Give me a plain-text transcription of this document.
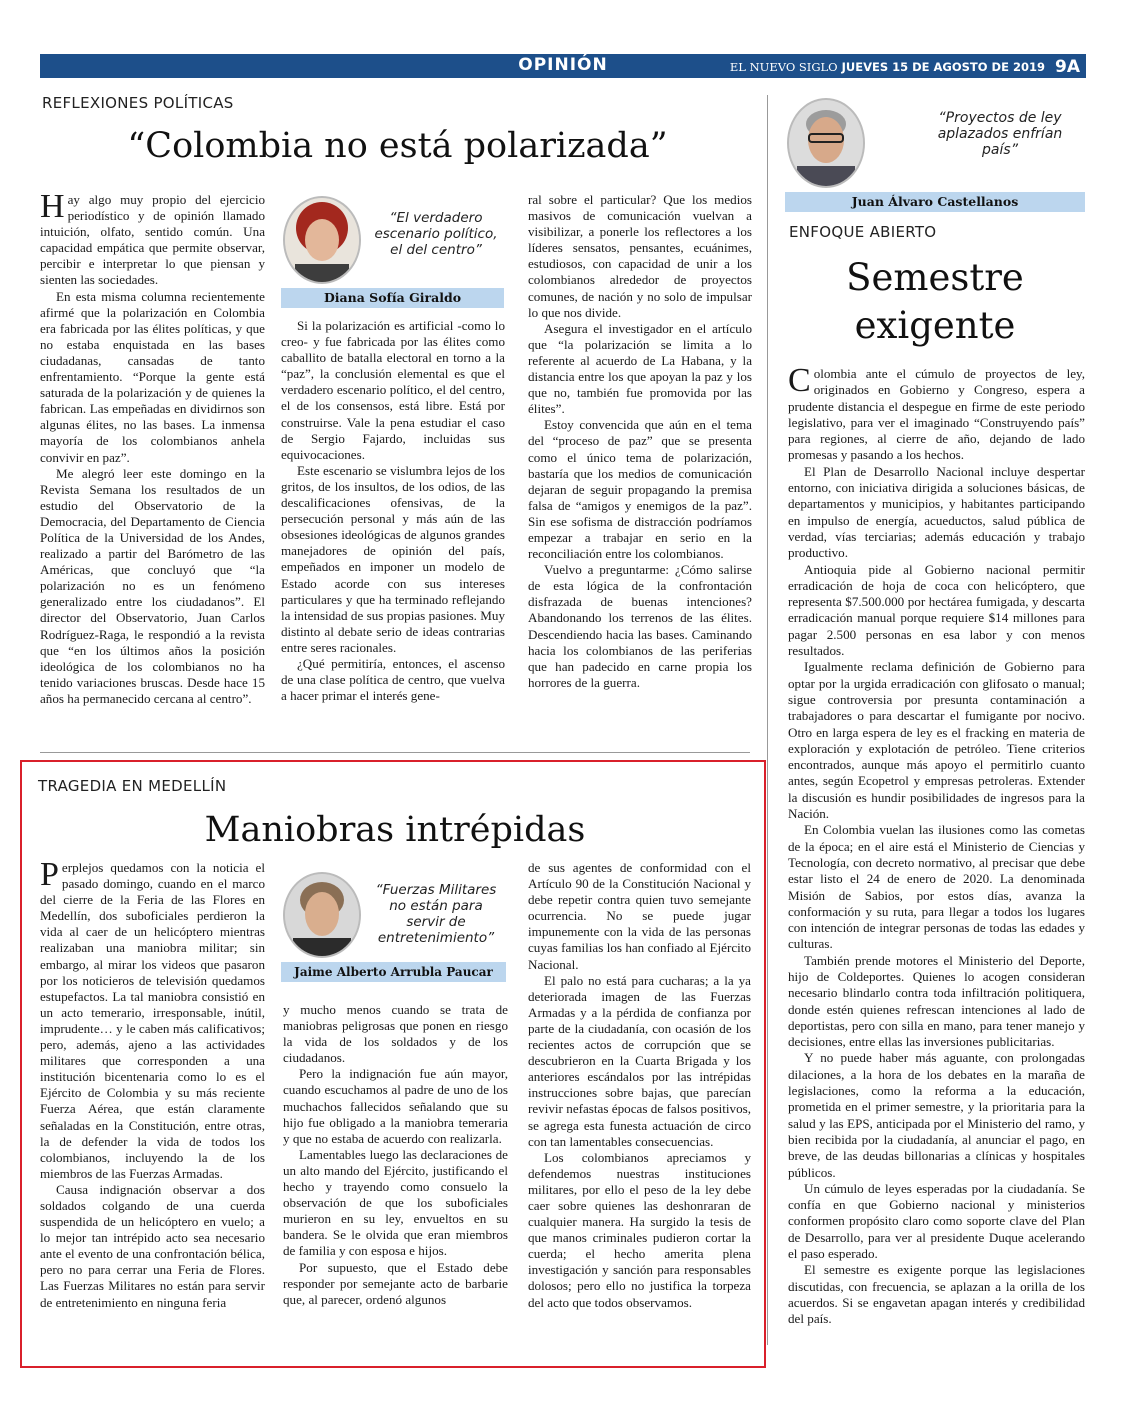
OPINIÓN	EL NUEVO SIGLO JUEVES 15 DE AGOSTO DE 2019 9A
REFLEXIONES POLÍTICAS
“Colombia no está polarizada”

Hay algo muy propio del ejercicio periodístico y de opinión llamado intuición, olfato, sentido común. Una capacidad empática que permite observar, percibir e interpretar lo que piensan y sienten las sociedades.

En esta misma columna recientemente afirmé que la polarización en Colombia era fabricada por las élites políticas, y que no estaba enquistada en las bases ciudadanas, cansadas de tanto enfrentamiento. “Porque la gente está saturada de la polarización y de quienes la fabrican. Las empeñadas en dividirnos son algunas élites, no las bases. La inmensa mayoría de los colombianos anhela convivir en paz”.

Me alegró leer este domingo en la Revista Semana los resultados de un estudio del Observatorio de la Democracia, del Departamento de Ciencia Política de la Universidad de los Andes, realizado a partir del Barómetro de las Américas, que concluyó que “la polarización no es un fenómeno generalizado entre los ciudadanos”. El director del Observatorio, Juan Carlos Rodríguez-Raga, le respondió a la revista que “en los últimos años la posición ideológica de los colombianos no ha tenido variaciones bruscas. Desde hace 15 años ha permanecido cercana al centro”.

“El verdadero escenario político, el del centro”
Diana Sofía Giraldo

Si la polarización es artificial -como lo creo- y fue fabricada por las élites como caballito de batalla electoral en torno a la “paz”, la conclusión elemental es que el verdadero escenario político, el del centro, el de los consensos, está libre. Está por construirse. Vale la pena estudiar el caso de Sergio Fajardo, incluidas sus equivocaciones.

Este escenario se vislumbra lejos de los gritos, de los insultos, de los odios, de las descalificaciones ofensivas, de la persecución personal y más aún de las obsesiones ideológicas de algunos grandes manejadores de opinión del país, empeñados en imponer un modelo de Estado acorde con sus intereses particulares y que ha terminado reflejando la intensidad de sus propias pasiones. Muy distinto al debate serio de ideas contrarias entre seres racionales.

¿Qué permitiría, entonces, el ascenso de una clase política de centro, que vuelva a hacer primar el interés gene-

ral sobre el particular? Que los medios masivos de comunicación vuelvan a visibilizar, a ponerle los reflectores a los líderes sensatos, pensantes, ecuánimes, estudiosos, con capacidad de unir a los colombianos alrededor de proyectos comunes, de nación y no solo de impulsar lo que nos divide.

Asegura el investigador en el artículo que “la polarización se limita a lo referente al acuerdo de La Habana, y la distancia entre los que apoyan la paz y los que no, también fue promovida por las élites”.

Estoy convencida que aún en el tema del “proceso de paz” que se presenta como el único tema de polarización, bastaría que los medios de comunicación dejaran de seguir propagando la premisa falsa de “amigos y enemigos de la paz”. Sin ese sofisma de distracción podríamos empezar a trabajar en serio en la reconciliación entre los colombianos.

Vuelvo a preguntarme: ¿Cómo salirse de esta lógica de la confrontación disfrazada de buenas intenciones? Abandonando los terrenos de las élites. Descendiendo hacia las bases. Caminando hacia los colombianos de las periferias que han padecido en carne propia los horrores de la guerra.

TRAGEDIA EN MEDELLÍN
Maniobras intrépidas

Perplejos quedamos con la noticia el pasado domingo, cuando en el marco del cierre de la Feria de las Flores en Medellín, dos suboficiales perdieron la vida al caer de un helicóptero mientras realizaban una maniobra militar; sin embargo, al mirar los videos que pasaron por los noticieros de televisión quedamos estupefactos. La tal maniobra consistió en un acto temerario, irresponsable, inútil, imprudente… y le caben más calificativos; pero, además, ajeno a las actividades militares que corresponden a una institución bicentenaria como lo es el Ejército de Colombia y su más reciente Fuerza Aérea, que están claramente señaladas en la Constitución, entre otras, la de defender la vida de todos los colombianos, incluyendo la de los miembros de las Fuerzas Armadas.

Causa indignación observar a dos soldados colgando de una cuerda suspendida de un helicóptero en vuelo; a lo mejor tan intrépido acto sea necesario ante el evento de una confrontación bélica, pero no para cerrar una Feria de Flores. Las Fuerzas Militares no están para servir de entretenimiento en ninguna feria

“Fuerzas Militares no están para servir de entretenimiento”
Jaime Alberto Arrubla Paucar

y mucho menos cuando se trata de maniobras peligrosas que ponen en riesgo la vida de los soldados y de los ciudadanos.

Pero la indignación fue aún mayor, cuando escuchamos al padre de uno de los muchachos fallecidos señalando que su hijo fue obligado a la maniobra temeraria y que no estaba de acuerdo con realizarla.

Lamentables luego las declaraciones de un alto mando del Ejército, justificando el hecho y trayendo como consuelo la observación de que los suboficiales murieron en su ley, envueltos en su bandera. Se le olvida que eran miembros de familia y con esposa e hijos.

Por supuesto, que el Estado debe responder por semejante acto de barbarie que, al parecer, ordenó algunos

de sus agentes de conformidad con el Artículo 90 de la Constitución Nacional y debe repetir contra quien tuvo semejante ocurrencia. No se puede jugar impunemente con la vida de las personas cuyas familias los han confiado al Ejército Nacional.

El palo no está para cucharas; a la ya deteriorada imagen de las Fuerzas Armadas y a la pérdida de confianza por parte de la ciudadanía, con ocasión de los recientes actos de corrupción que se descubrieron en la Cuarta Brigada y los anteriores escándalos por las intrépidas instrucciones sobre bajas, que parecían revivir nefastas épocas de falsos positivos, se agrega esta funesta actuación de circo con tan lamentables consecuencias.

Los colombianos apreciamos y defendemos nuestras instituciones militares, por ello el peso de la ley debe caer sobre quienes las deshonraran de cualquier manera. Ha surgido la tesis de que manos criminales pudieron cortar la cuerda; el hecho amerita plena investigación y sanción para responsables dolosos; pero ello no justifica la torpeza del acto que todos observamos.

“Proyectos de ley aplazados enfrían país”
Juan Álvaro Castellanos
ENFOQUE ABIERTO
Semestre
exigente

Colombia ante el cúmulo de proyectos de ley, originados en Gobierno y Congreso, espera a prudente distancia el despegue en firme de este periodo legislativo, para ver el imaginado “Construyendo país” para regiones, al cierre de año, dejando de lado promesas y pasando a los hechos.

El Plan de Desarrollo Nacional incluye despertar entorno, con iniciativa dirigida a soluciones básicas, de departamentos y municipios, y habitantes participando en impulso de energía, acueductos, salud pública de verdad, vías terciarias; además educación y trabajo productivo.

Antioquia pide al Gobierno nacional permitir erradicación de hoja de coca con helicóptero, que representa $7.500.000 por hectárea fumigada, y descarta erradicación manual porque requiere $14 millones para pagar 2.500 personas en esa labor y con menos resultados.

Igualmente reclama definición de Gobierno para optar por la urgida erradicación con glifosato o manual; sigue controversia por presunta contaminación a trabajadores o para descartar el fumigante por nocivo. Otro en larga espera de ley es el fracking en materia de exploración y explotación de petróleo. Tiene criterios encontrados, aunque más apoyo el permitirlo cuanto antes, según Ecopetrol y empresas petroleras. Extender la discusión es hundir posibilidades de ingresos para la Nación.

En Colombia vuelan las ilusiones como las cometas de la época; en el aire está el Ministerio de Ciencias y Tecnología, con decreto normativo, al precisar que debe estar listo el 24 de enero de 2020. La denominada Misión de Sabios, por estos días, avanza la conformación y su ruta, para llegar a todos los lugares con intención de integrar personas de todas las edades y culturas.

También prende motores el Ministerio del Deporte, hijo de Coldeportes. Quienes lo acogen consideran necesario blindarlo contra toda infiltración politiquera, donde estén quienes refrescan intenciones al lado de deportistas, pero con silla en mano, para tener manejo y decisiones, entre ellas las inversiones publicitarias.

Y no puede haber más aguante, con prolongadas dilaciones, a la hora de los debates en la maraña de legislaciones, como la reforma a la educación, prometida en el primer semestre, y la prioritaria para la salud y las EPS, anticipada por el Ministerio del ramo, y bien recibida por la ciudadanía, al anunciar el pago, en breve, de las deudas billonarias a clínicas y hospitales públicos.

Un cúmulo de leyes esperadas por la ciudadanía. Se confía en que Gobierno nacional y ministerios conformen propósito claro como soporte clave del Plan de Desarrollo, para ver al presidente Duque acelerando el paso esperado.

El semestre es exigente porque las legislaciones discutidas, con frecuencia, se aplazan a la orilla de los acuerdos. Si se engavetan apagan interés y credibilidad del país.
